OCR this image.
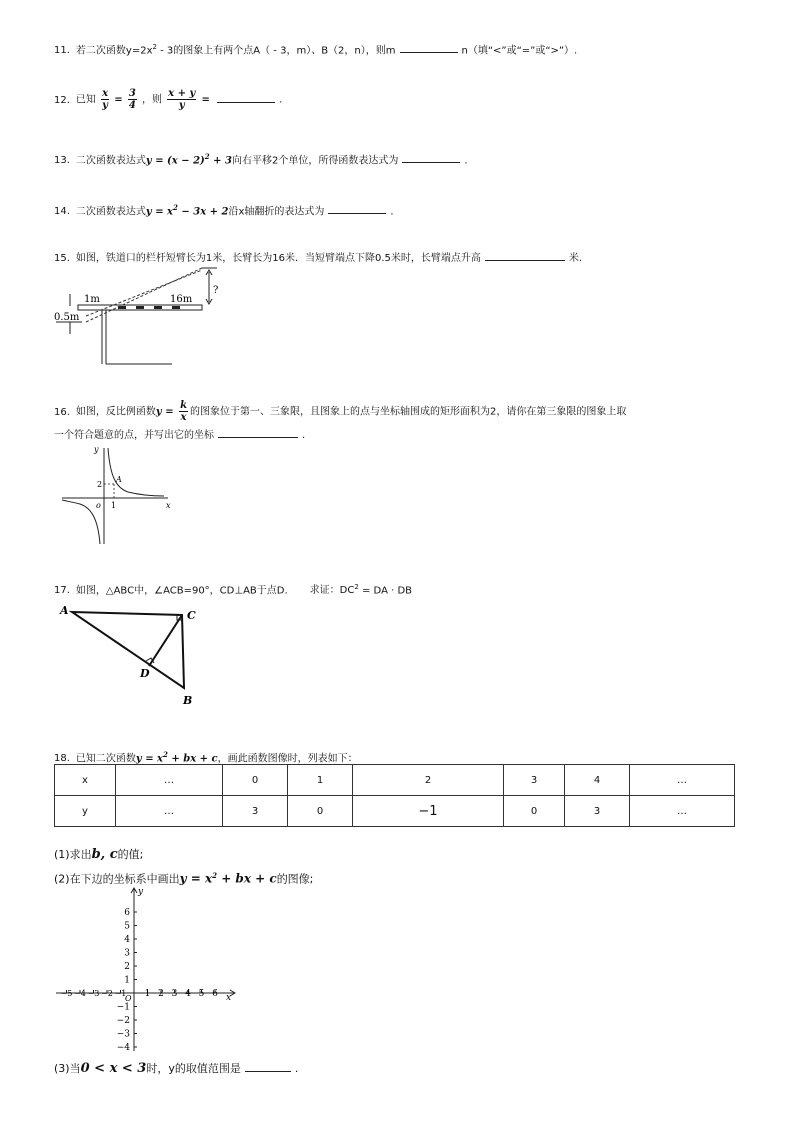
11. 若二次函数$y=2x^2 - 3$的图象上有两个点A（ - 3，m）、B（2，n），则m	n（填“<”或“=”或“>”）.
12. 已知 $\frac{x}{y} = \frac{3}{4}$ ，则 $\frac{x + y}{y}$ =	.
13. 二次函数表达式$y = (x - 2)^2 + 3$向右平移2个单位，所得函数表达式为	.
14. 二次函数表达式$y = x^2 - 3x + 2$沿x轴翻折的表达式为	.
15. 如图，铁道口的栏杆短臂长为1米，长臂长为16米．当短臂端点下降0.5米时，长臂端点升高	米.
?
1m	16m
0.5m
16. 如图，反比例函数$y = \frac{k}{x}$ 的图象位于第一、三象限，且图象上的点与坐标轴围成的矩形面积为2，请你在第三象限的图象上取
一个符合题意的点，并写出它的坐标	.
y
x
o 1
2
A
17. 如图，△ABC中，∠ACB=90°，CD⊥AB于点D. 求证：$DC^2$ = DA · DB
A	C
D
B
18. 已知二次函数$y = x^2$ + bx + c，画此函数图像时，列表如下：
x	…	0	1	2	3	4	…
y	…	3	0	−1	0	3	…
(1)求出b, c的值;
(2)在下边的坐标系中画出$y = x^2$ + bx + c的图像;
y
x
O
6
5
4
3
2
1
−1
−2
−3
−4
−5 −4 −3 −2 −1 1 2 3 4 5 6
(3)当0 < x < 3时，y的取值范围是	.
